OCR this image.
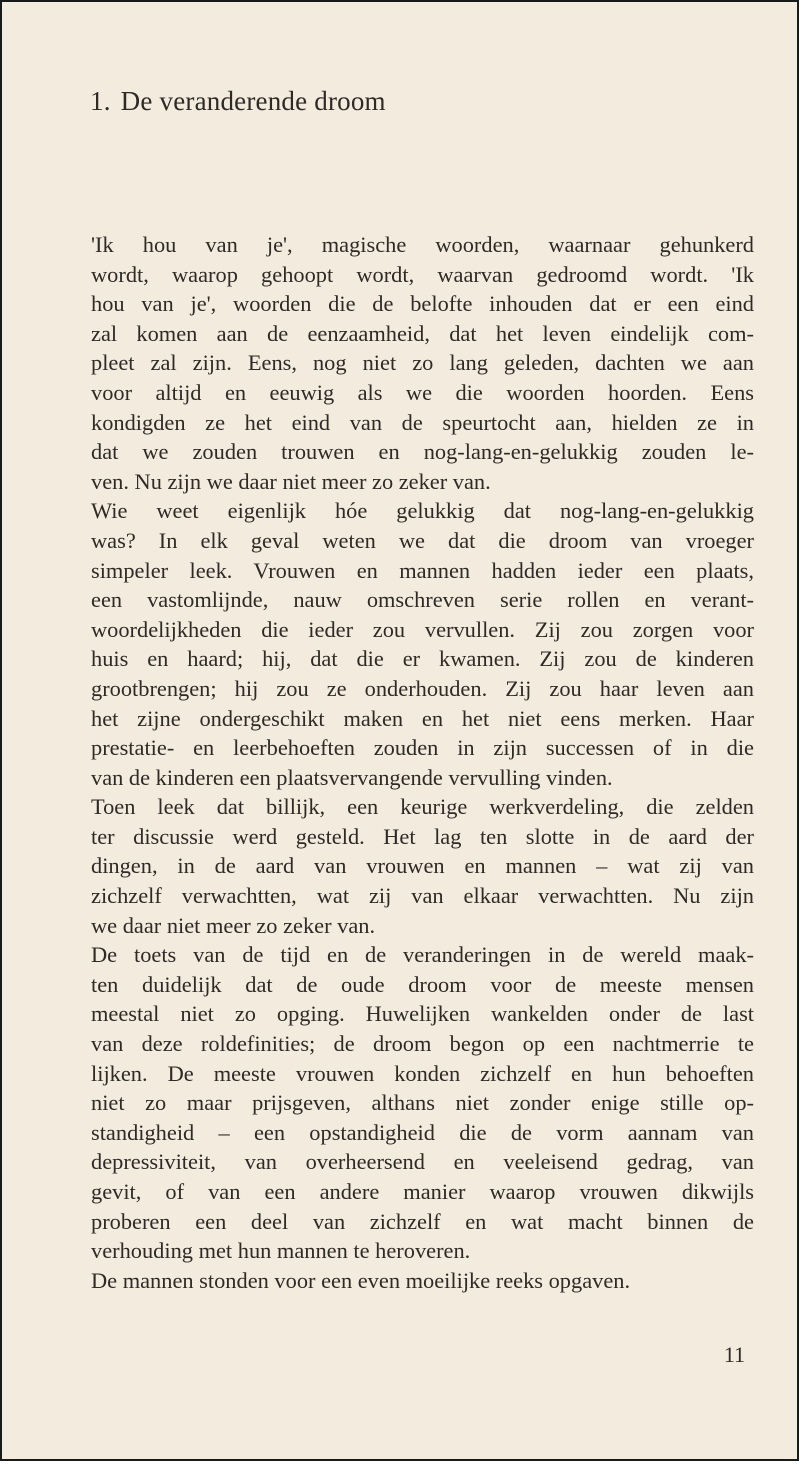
1. De veranderende droom
'Ik hou van je', magische woorden, waarnaar gehunkerd
wordt, waarop gehoopt wordt, waarvan gedroomd wordt. 'Ik
hou van je', woorden die de belofte inhouden dat er een eind
zal komen aan de eenzaamheid, dat het leven eindelijk com-
pleet zal zijn. Eens, nog niet zo lang geleden, dachten we aan
voor altijd en eeuwig als we die woorden hoorden. Eens
kondigden ze het eind van de speurtocht aan, hielden ze in
dat we zouden trouwen en nog-lang-en-gelukkig zouden le-
ven. Nu zijn we daar niet meer zo zeker van.
Wie weet eigenlijk hóe gelukkig dat nog-lang-en-gelukkig
was? In elk geval weten we dat die droom van vroeger
simpeler leek. Vrouwen en mannen hadden ieder een plaats,
een vastomlijnde, nauw omschreven serie rollen en verant-
woordelijkheden die ieder zou vervullen. Zij zou zorgen voor
huis en haard; hij, dat die er kwamen. Zij zou de kinderen
grootbrengen; hij zou ze onderhouden. Zij zou haar leven aan
het zijne ondergeschikt maken en het niet eens merken. Haar
prestatie- en leerbehoeften zouden in zijn successen of in die
van de kinderen een plaatsvervangende vervulling vinden.
Toen leek dat billijk, een keurige werkverdeling, die zelden
ter discussie werd gesteld. Het lag ten slotte in de aard der
dingen, in de aard van vrouwen en mannen – wat zij van
zichzelf verwachtten, wat zij van elkaar verwachtten. Nu zijn
we daar niet meer zo zeker van.
De toets van de tijd en de veranderingen in de wereld maak-
ten duidelijk dat de oude droom voor de meeste mensen
meestal niet zo opging. Huwelijken wankelden onder de last
van deze roldefinities; de droom begon op een nachtmerrie te
lijken. De meeste vrouwen konden zichzelf en hun behoeften
niet zo maar prijsgeven, althans niet zonder enige stille op-
standigheid – een opstandigheid die de vorm aannam van
depressiviteit, van overheersend en veeleisend gedrag, van
gevit, of van een andere manier waarop vrouwen dikwijls
proberen een deel van zichzelf en wat macht binnen de
verhouding met hun mannen te heroveren.
De mannen stonden voor een even moeilijke reeks opgaven.
11
